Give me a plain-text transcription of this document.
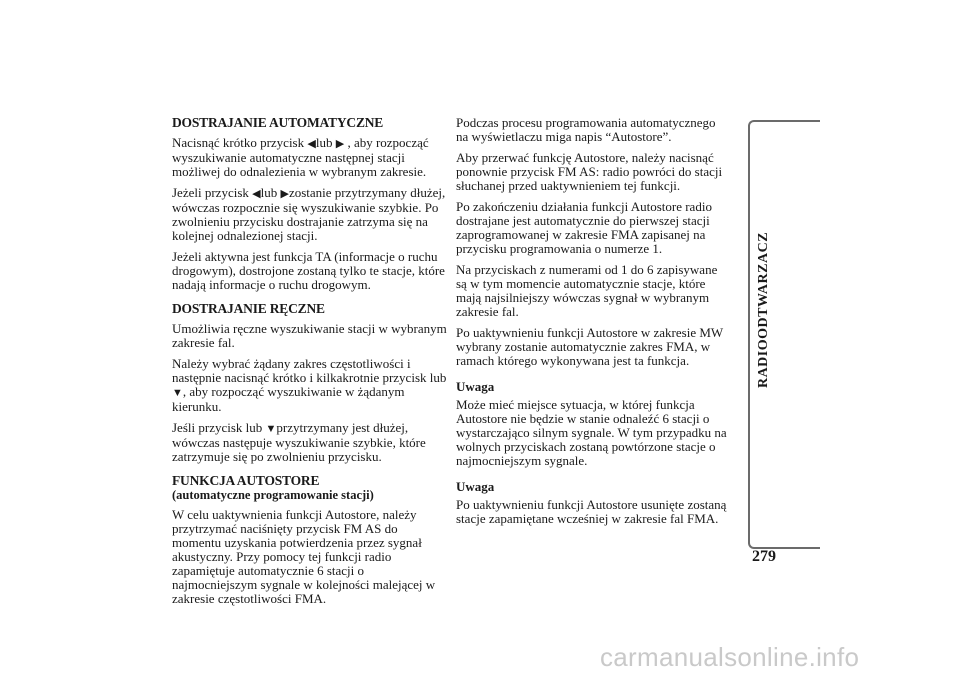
DOSTRAJANIE AUTOMATYCZNE

Nacisnąć krótko przycisk ◀lub ▶ , aby rozpocząć wyszukiwanie automatyczne następnej stacji możliwej do odnalezienia w wybranym zakresie.

Jeżeli przycisk ◀lub ▶zostanie przytrzymany dłużej, wówczas rozpocznie się wyszukiwanie szybkie. Po zwolnieniu przycisku dostrajanie zatrzyma się na kolejnej odnalezionej stacji.

Jeżeli aktywna jest funkcja TA (informacje o ruchu drogowym), dostrojone zostaną tylko te stacje, które nadają informacje o ruchu drogowym.

DOSTRAJANIE RĘCZNE

Umożliwia ręczne wyszukiwanie stacji w wybranym zakresie fal.

Należy wybrać żądany zakres częstotliwości i następnie nacisnąć krótko i kilkakrotnie przycisk lub ▼, aby rozpocząć wyszukiwanie w żądanym kierunku.

Jeśli przycisk lub ▼przytrzymany jest dłużej, wówczas następuje wyszukiwanie szybkie, które zatrzymuje się po zwolnieniu przycisku.

FUNKCJA AUTOSTORE
(automatyczne programowanie stacji)

W celu uaktywnienia funkcji Autostore, należy przytrzymać naciśnięty przycisk FM AS do momentu uzyskania potwierdzenia przez sygnał akustyczny. Przy pomocy tej funkcji radio zapamiętuje automatycznie 6 stacji o najmocniejszym sygnale w kolejności malejącej w zakresie częstotliwości FMA.

Podczas procesu programowania automatycznego na wyświetlaczu miga napis “Autostore”.

Aby przerwać funkcję Autostore, należy nacisnąć ponownie przycisk FM AS: radio powróci do stacji słuchanej przed uaktywnieniem tej funkcji.

Po zakończeniu działania funkcji Autostore radio dostrajane jest automatycznie do pierwszej stacji zaprogramowanej w zakresie FMA zapisanej na przycisku programowania o numerze 1.

Na przyciskach z numerami od 1 do 6 zapisywane są w tym momencie automatycznie stacje, które mają najsilniejszy wówczas sygnał w wybranym zakresie fal.

Po uaktywnieniu funkcji Autostore w zakresie MW wybrany zostanie automatycznie zakres FMA, w ramach którego wykonywana jest ta funkcja.

Uwaga

Może mieć miejsce sytuacja, w której funkcja Autostore nie będzie w stanie odnaleźć 6 stacji o wystarczająco silnym sygnale. W tym przypadku na wolnych przyciskach zostaną powtórzone stacje o najmocniejszym sygnale.

Uwaga

Po uaktywnieniu funkcji Autostore usunięte zostaną stacje zapamiętane wcześniej w zakresie fal FMA.

RADIOODTWARZACZ
279
carmanualsonline.info
